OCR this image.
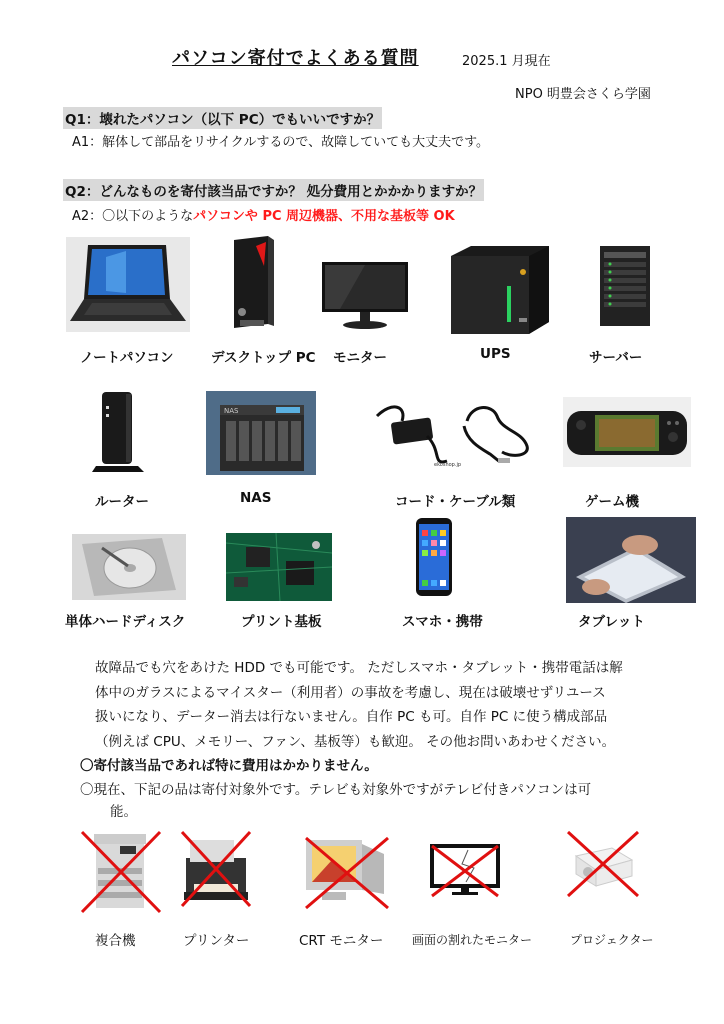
パソコン寄付でよくある質問	2025.1 月現在
NPO 明豊会さくら学園
Q1：壊れたパソコン（以下 PC）でもいいですか？
A1：解体して部品をリサイクルするので、故障していても大丈夫です。
Q2：どんなものを寄付該当品ですか？ 処分費用とかかかりますか？
A2：〇以下のようなパソコンや PC 周辺機器、不用な基板等 OK
ノートパソコン	デスクトップ PC モニター	UPS	サーバー
NAS
ekoshop.jp
ルーター	NAS	コード・ケーブル類	ゲーム機
単体ハードディスク	プリント基板	スマホ・携帯	タブレット
故障品でも穴をあけた HDD でも可能です。 ただしスマホ・タブレット・携帯電話は解
体中のガラスによるマイスター（利用者）の事故を考慮し、現在は破壊せずリユース
扱いになり、データー消去は行ないません。自作 PC も可。自作 PC に使う構成部品
（例えば CPU、メモリー、ファン、基板等）も歓迎。 その他お問いあわせください。
〇寄付該当品であれば特に費用はかかりません。
〇現在、下記の品は寄付対象外です。テレビも対象外ですがテレビ付きパソコンは可
能。
複合機	プリンター	CRT モニター 画面の割れたモニター	プロジェクター
